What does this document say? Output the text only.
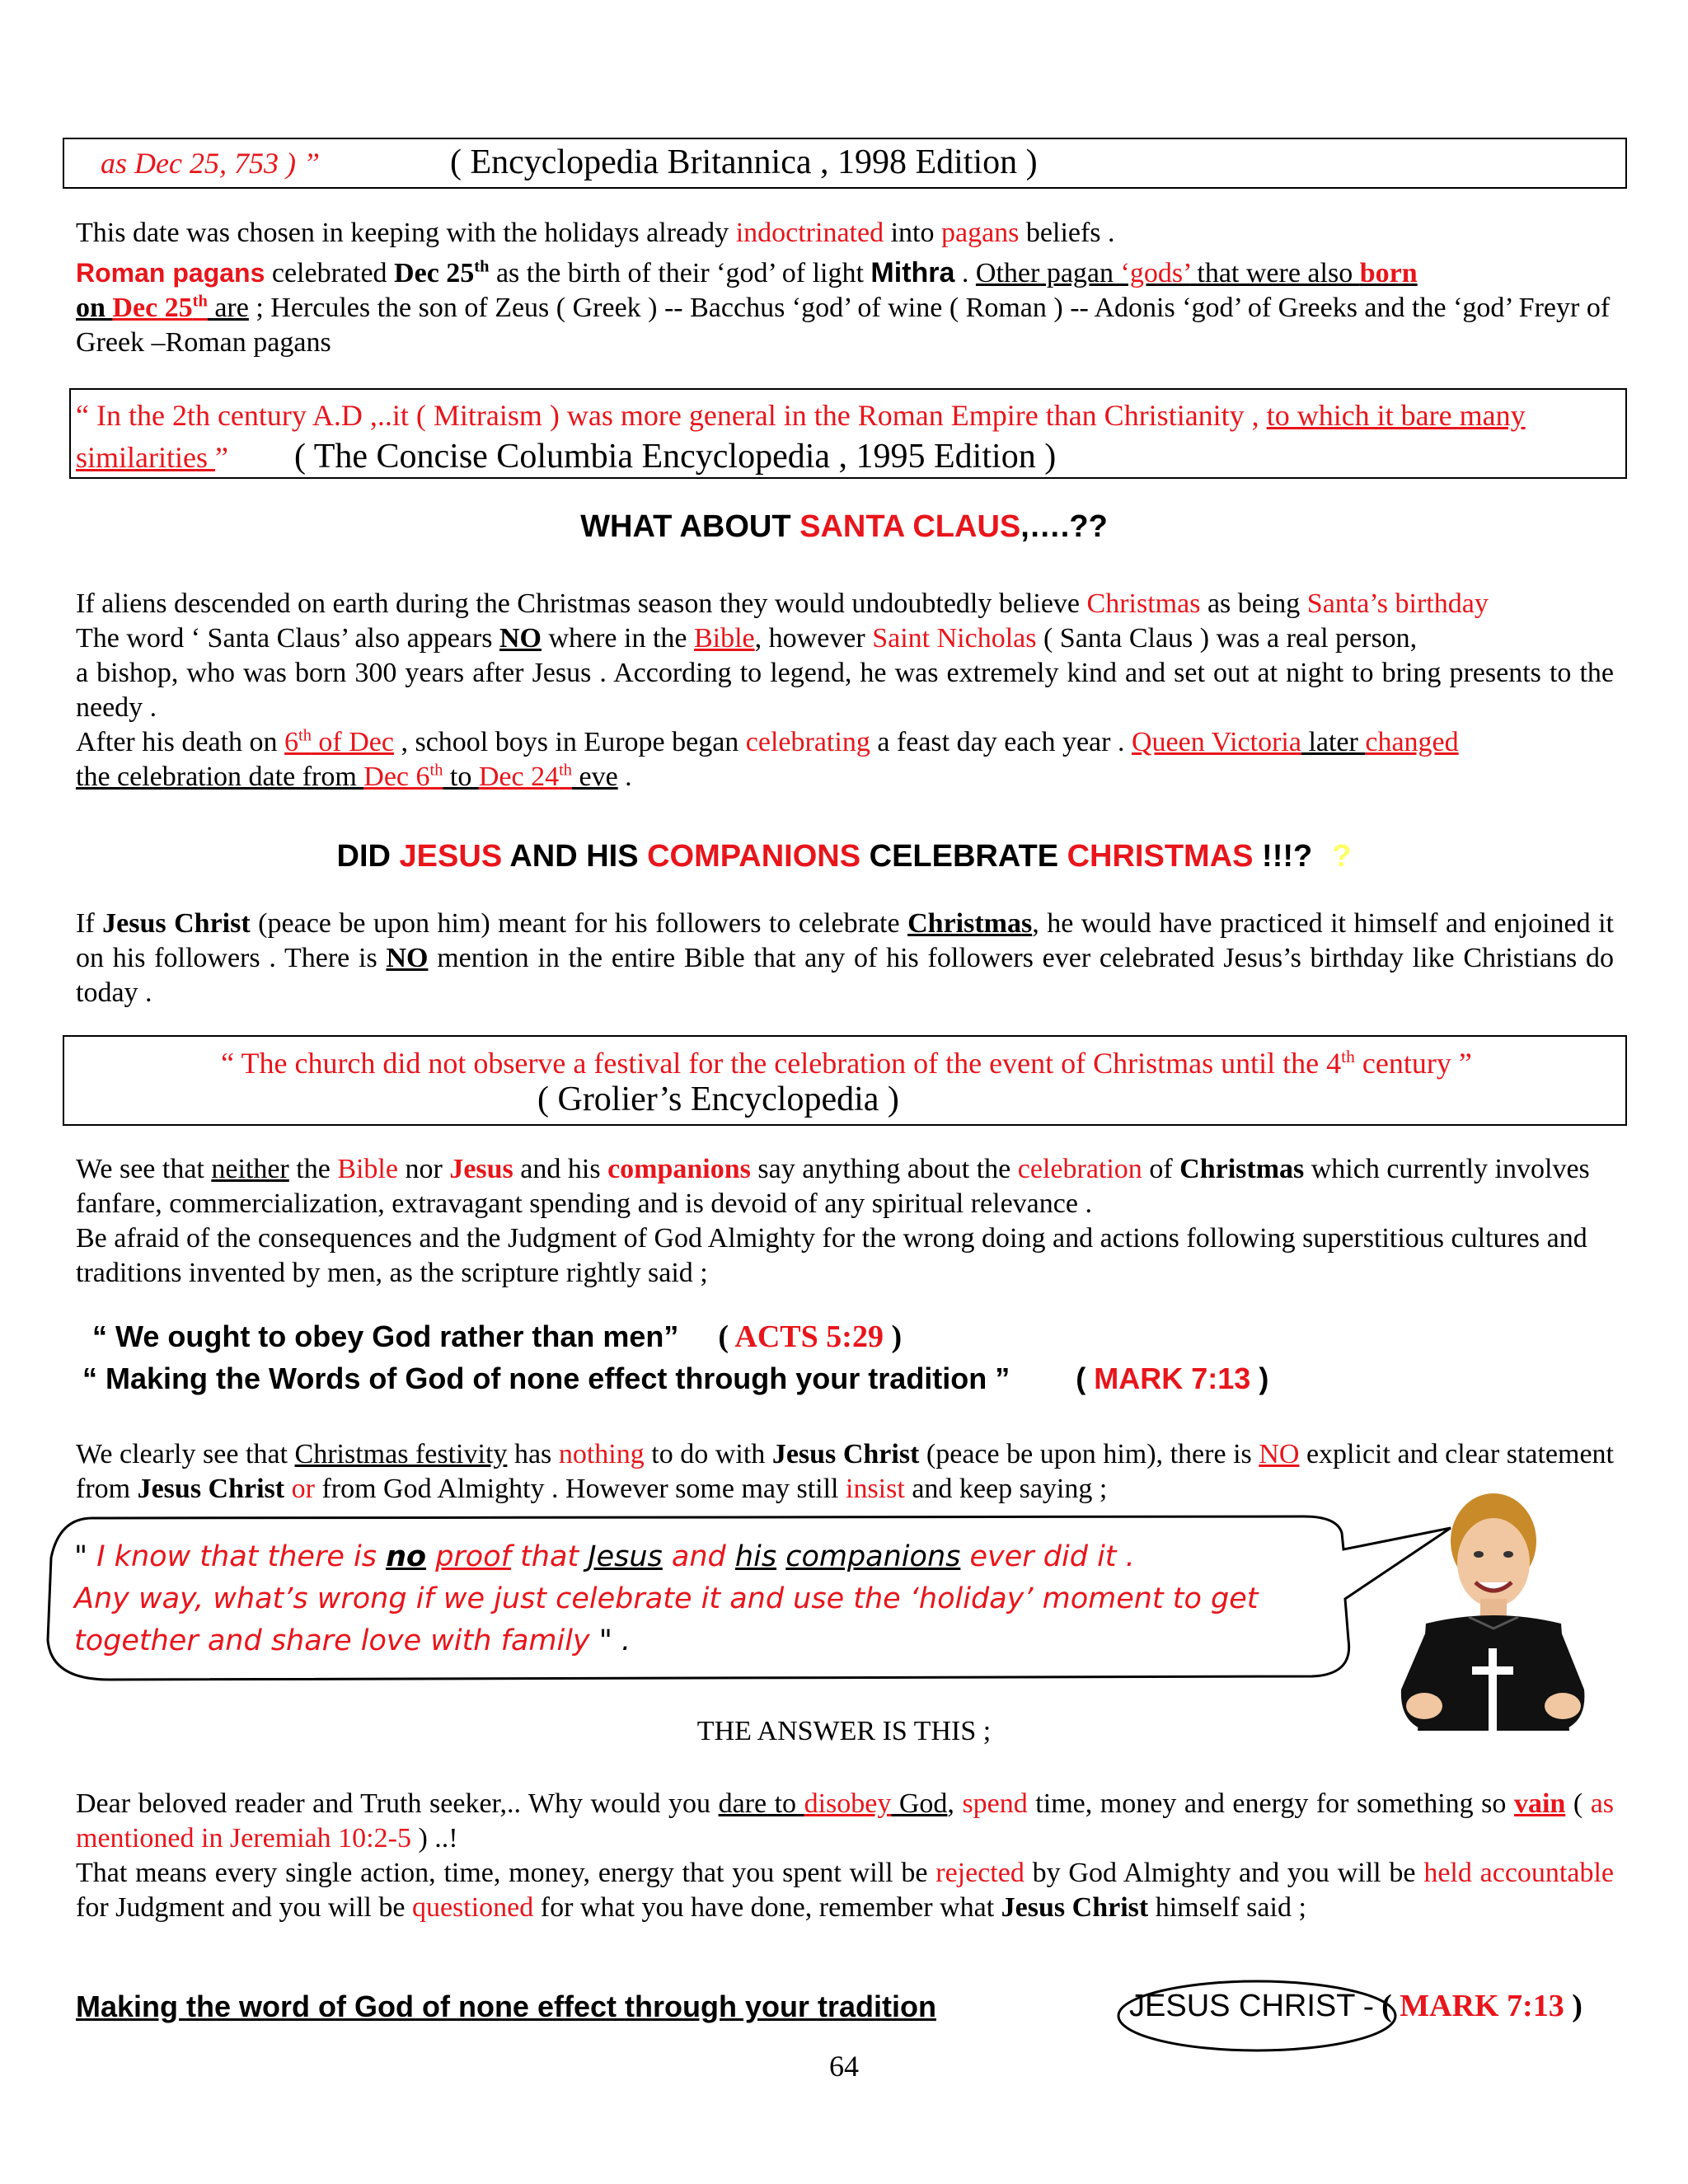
as Dec 25, 753 ) ”	( Encyclopedia Britannica , 1998 Edition )
This date was chosen in keeping with the holidays already indoctrinated into pagans beliefs .
Roman pagans celebrated Dec 25th as the birth of their ‘god’ of light Mithra . Other pagan ‘gods’ that were also born
on Dec 25th are ; Hercules the son of Zeus ( Greek ) -- Bacchus ‘god’ of wine ( Roman ) -- Adonis ‘god’ of Greeks and the ‘god’ Freyr of Greek –Roman pagans
“ In the 2th century A.D ,..it ( Mitraism ) was more general in the Roman Empire than Christianity , to which it bare many similarities ” ( The Concise Columbia Encyclopedia , 1995 Edition )
WHAT ABOUT SANTA CLAUS,….??
If aliens descended on earth during the Christmas season they would undoubtedly believe Christmas as being Santa’s birthday
The word ‘ Santa Claus’ also appears NO where in the Bible, however Saint Nicholas ( Santa Claus ) was a real person,
a bishop, who was born 300 years after Jesus . According to legend, he was extremely kind and set out at night to bring presents to the needy .
After his death on 6th of Dec , school boys in Europe began celebrating a feast day each year . Queen Victoria later changed
the celebration date from Dec 6th to Dec 24th eve .
DID JESUS AND HIS COMPANIONS CELEBRATE CHRISTMAS !!!? ?
If Jesus Christ (peace be upon him) meant for his followers to celebrate Christmas, he would have practiced it himself and enjoined it on his followers . There is NO mention in the entire Bible that any of his followers ever celebrated Jesus’s birthday like Christians do today .
“ The church did not observe a festival for the celebration of the event of Christmas until the 4th century ”
( Grolier’s Encyclopedia )
We see that neither the Bible nor Jesus and his companions say anything about the celebration of Christmas which currently involves fanfare, commercialization, extravagant spending and is devoid of any spiritual relevance .
Be afraid of the consequences and the Judgment of God Almighty for the wrong doing and actions following superstitious cultures and traditions invented by men, as the scripture rightly said ;
“ We ought to obey God rather than men” ( ACTS 5:29 )
“ Making the Words of God of none effect through your tradition ” ( MARK 7:13 )
We clearly see that Christmas festivity has nothing to do with Jesus Christ (peace be upon him), there is NO explicit and clear statement from Jesus Christ or from God Almighty . However some may still insist and keep saying ;
" I know that there is no proof that Jesus and his companions ever did it .
Any way, what’s wrong if we just celebrate it and use the ‘holiday’ moment to get
together and share love with family " .
THE ANSWER IS THIS ;
Dear beloved reader and Truth seeker,.. Why would you dare to disobey God, spend time, money and energy for something so vain ( as mentioned in Jeremiah 10:2-5 ) ..!
That means every single action, time, money, energy that you spent will be rejected by God Almighty and you will be held accountable for Judgment and you will be questioned for what you have done, remember what Jesus Christ himself said ;
Making the word of God of none effect through your tradition	JESUS CHRIST - ( MARK 7:13 )
64
